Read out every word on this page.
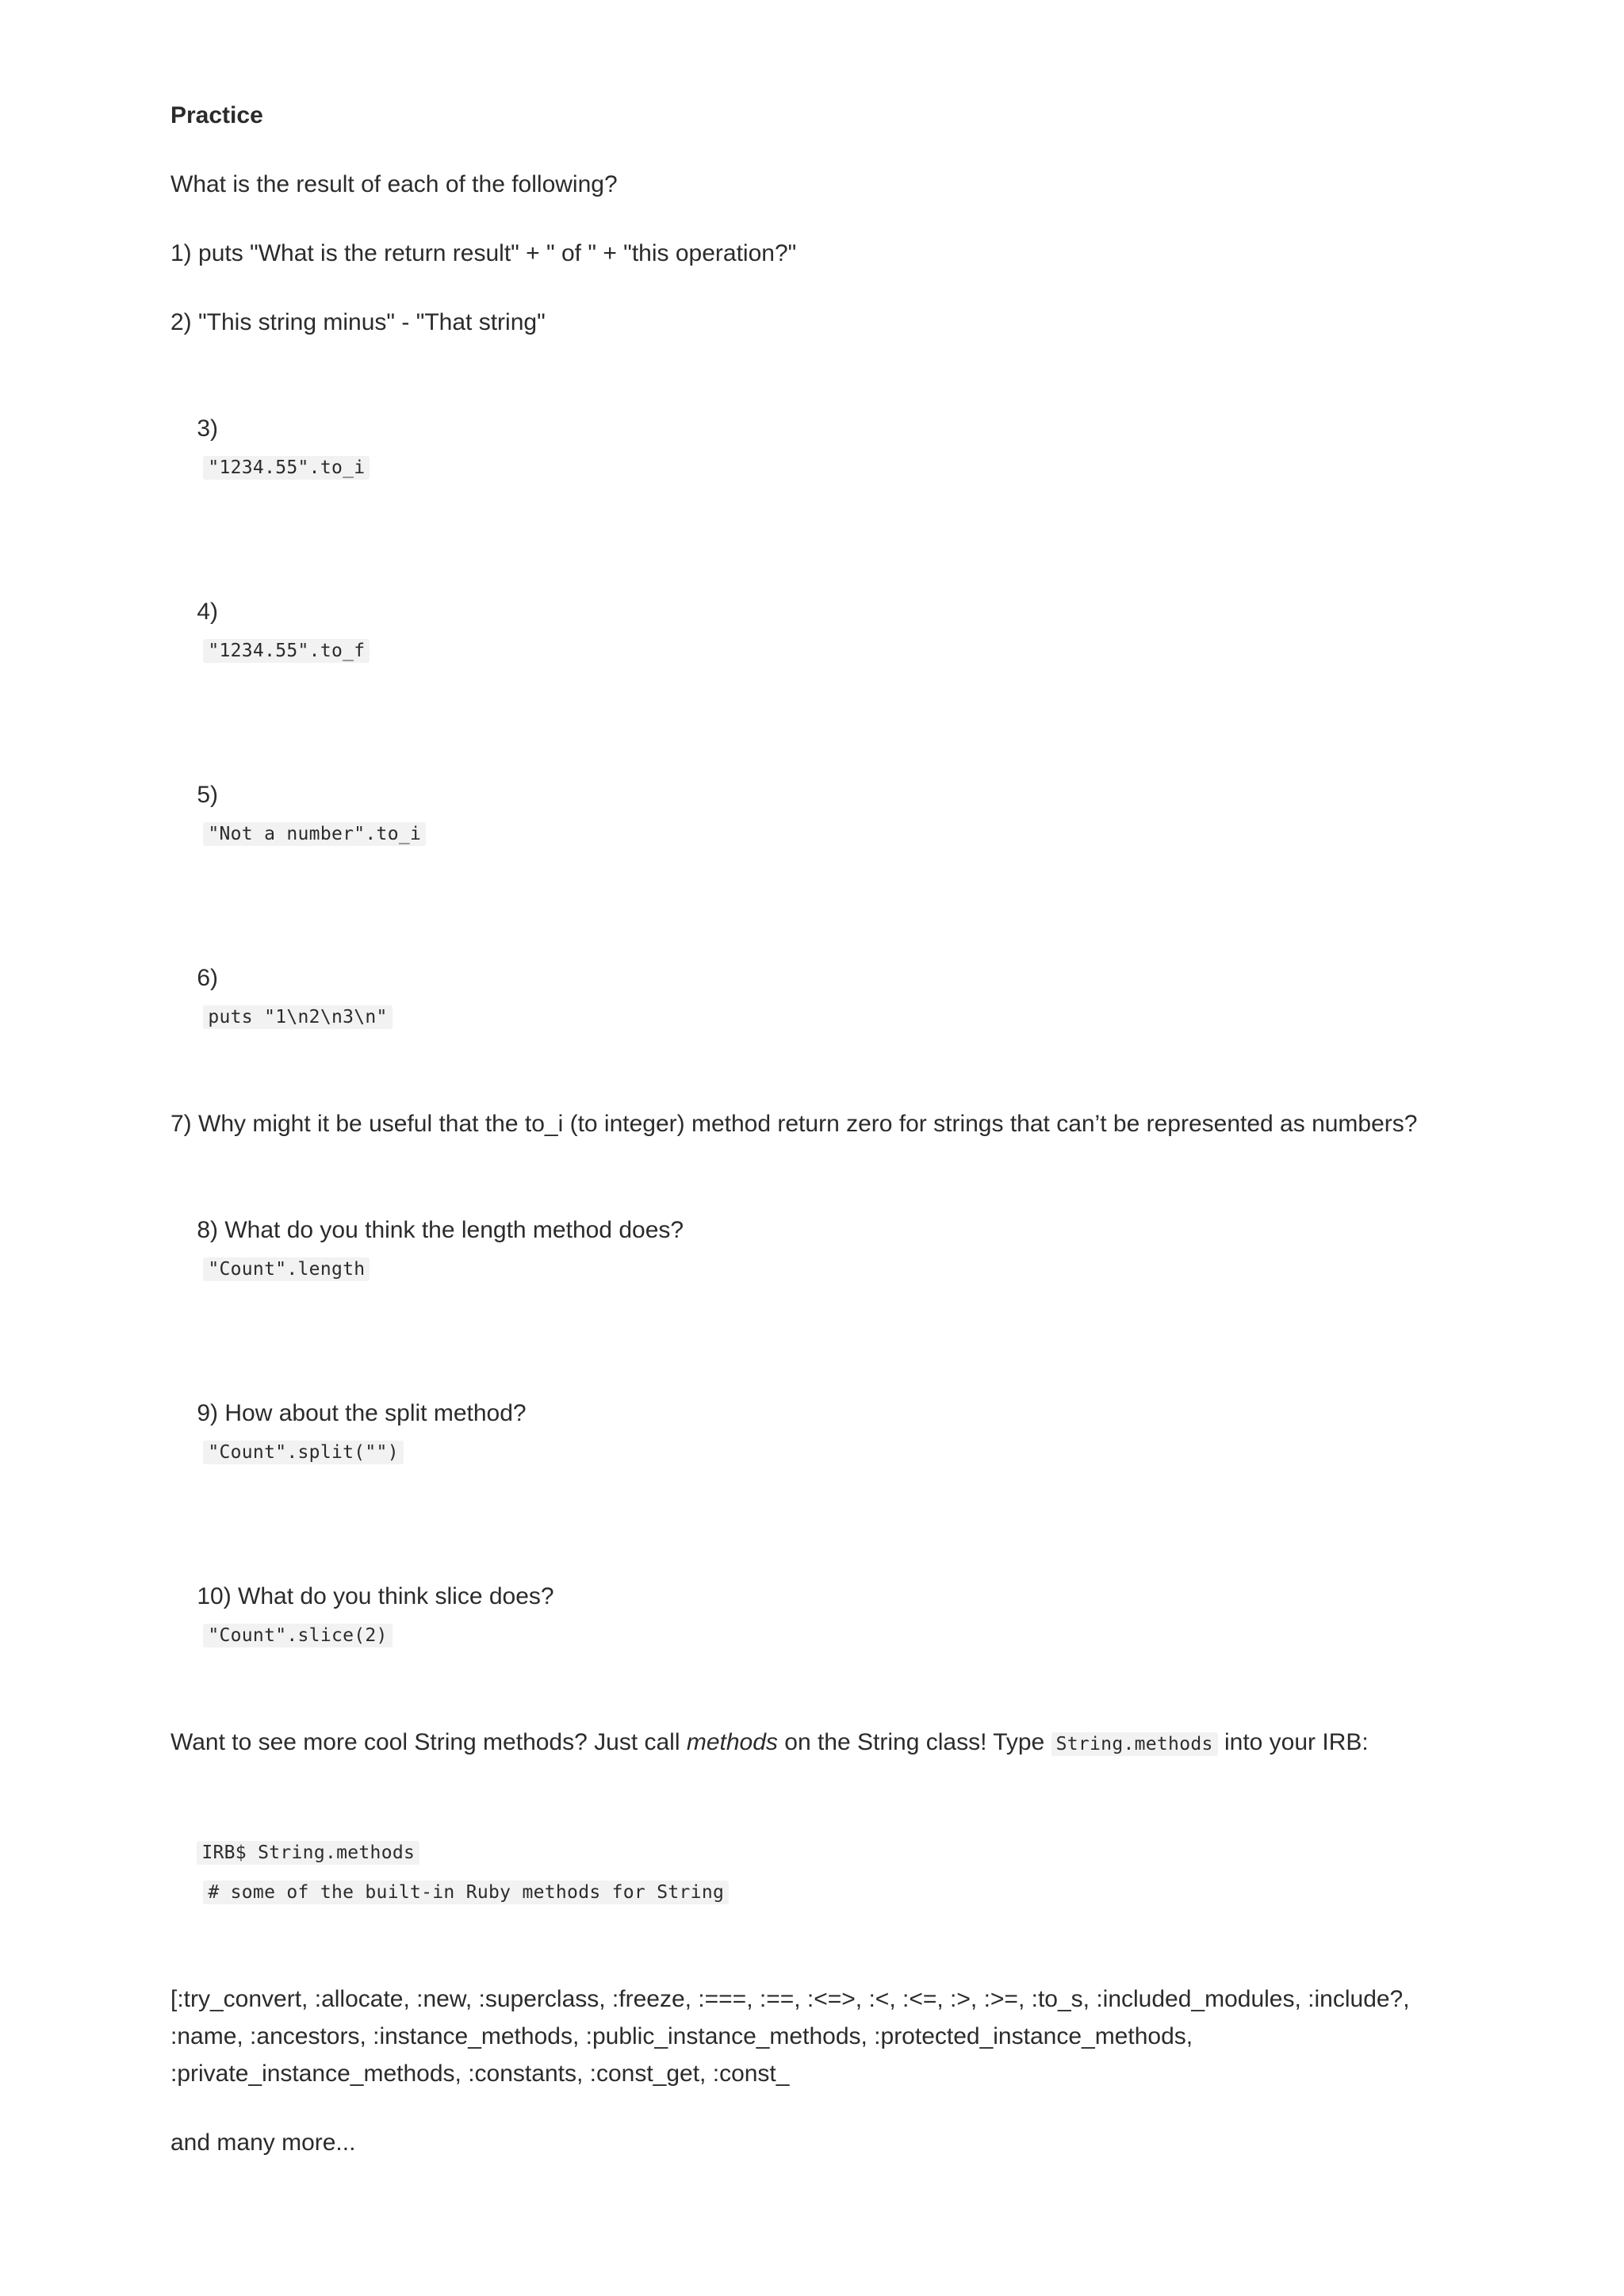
Practice
What is the result of each of the following?
1) puts "What is the return result" + " of " + "this operation?"
2) "This string minus" - "That string"

3)
"1234.55".to_i

4)
"1234.55".to_f

5)
"Not a number".to_i

6)
puts "1\n2\n3\n"

7) Why might it be useful that the to_i (to integer) method return zero for strings that can’t be represented as numbers?

8) What do you think the length method does?
"Count".length

9) How about the split method?
"Count".split("")

10) What do you think slice does?
"Count".slice(2)

Want to see more cool String methods? Just call methods on the String class! Type String.methods into your IRB:

IRB$ String.methods
# some of the built-in Ruby methods for String

[:try_convert, :allocate, :new, :superclass, :freeze, :===, :==, :<=>, :<, :<=, :>, :>=, :to_s, :included_modules, :include?, :name, :ancestors, :instance_methods, :public_instance_methods, :protected_instance_methods, :private_instance_methods, :constants, :const_get, :const_
and many more...
